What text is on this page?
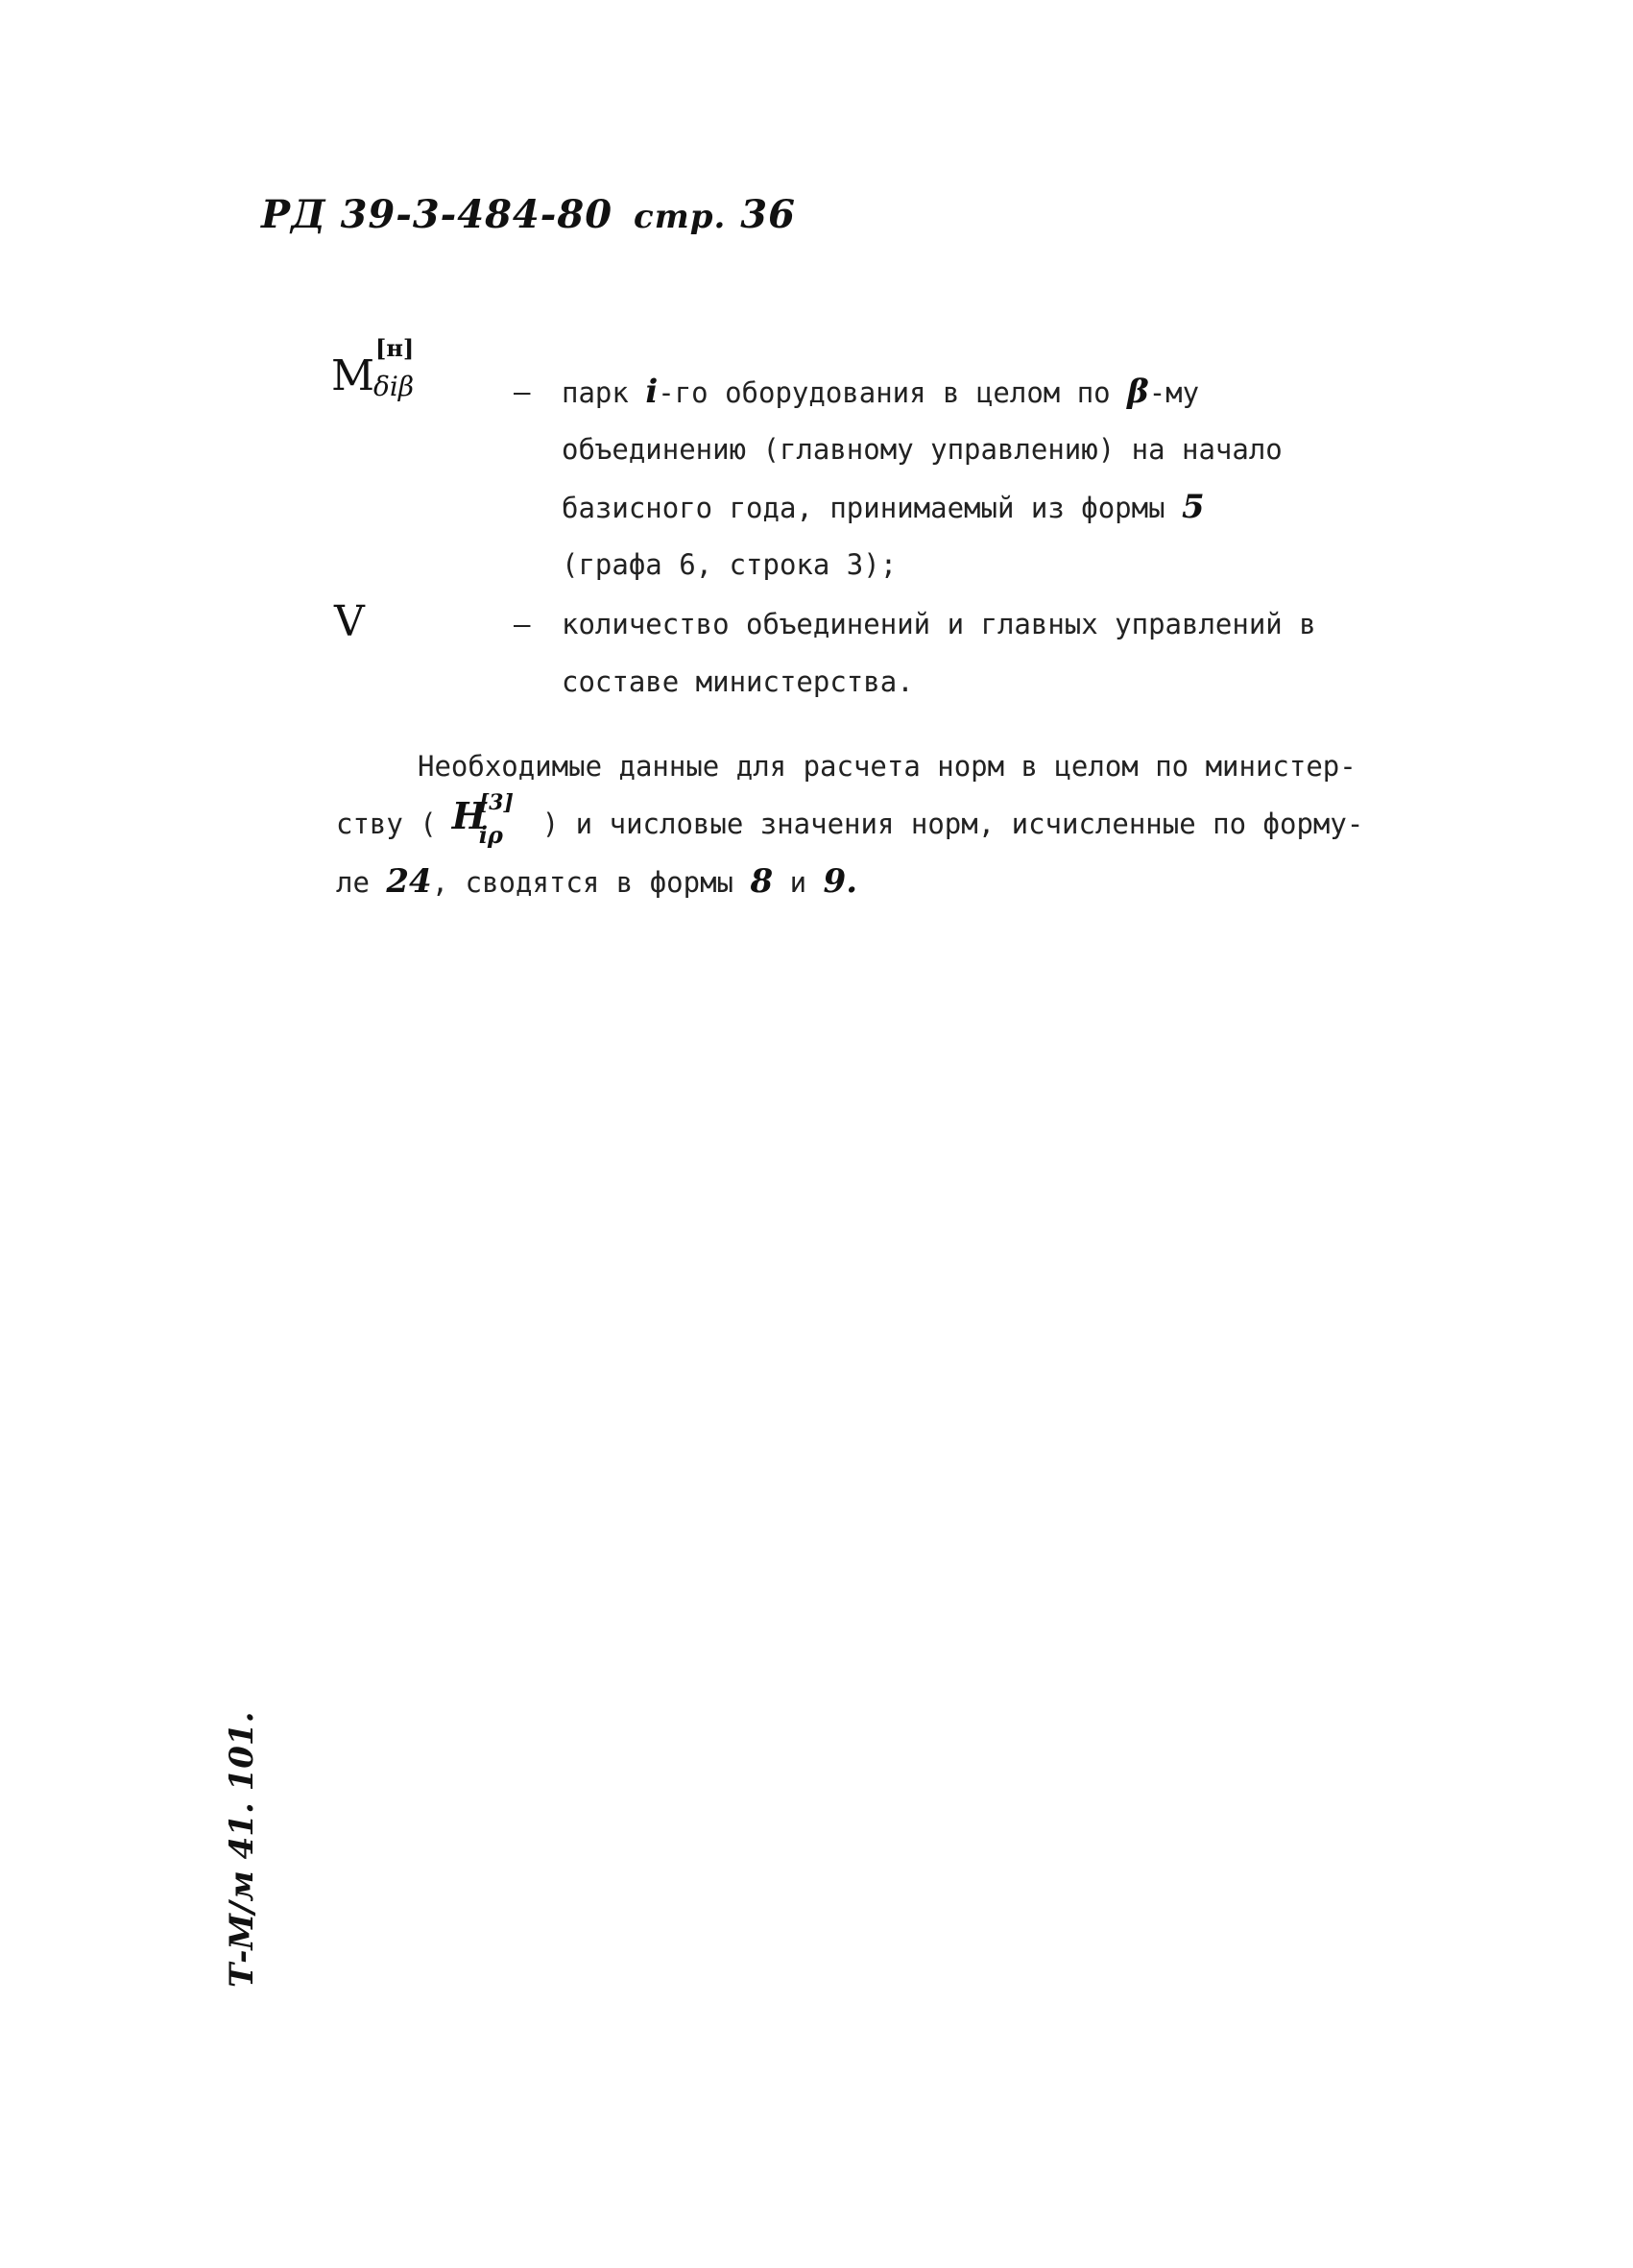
РД 39-3-484-80 стр. 36
M
[н]
δiβ	– парк i-го оборудования в целом по β-му
объединению (главному управлению) на начало
базисного года, принимаемый из формы 5
(графа 6, строка 3);
V	– количество объединений и главных управлений в
составе министерства.
Необходимые данные для расчета норм в целом по министер-
ству ( Н
[3]
iρ ) и числовые значения норм, исчисленные по форму-
ле 24, сводятся в формы 8 и 9.
Т-М/м 41. 101.
